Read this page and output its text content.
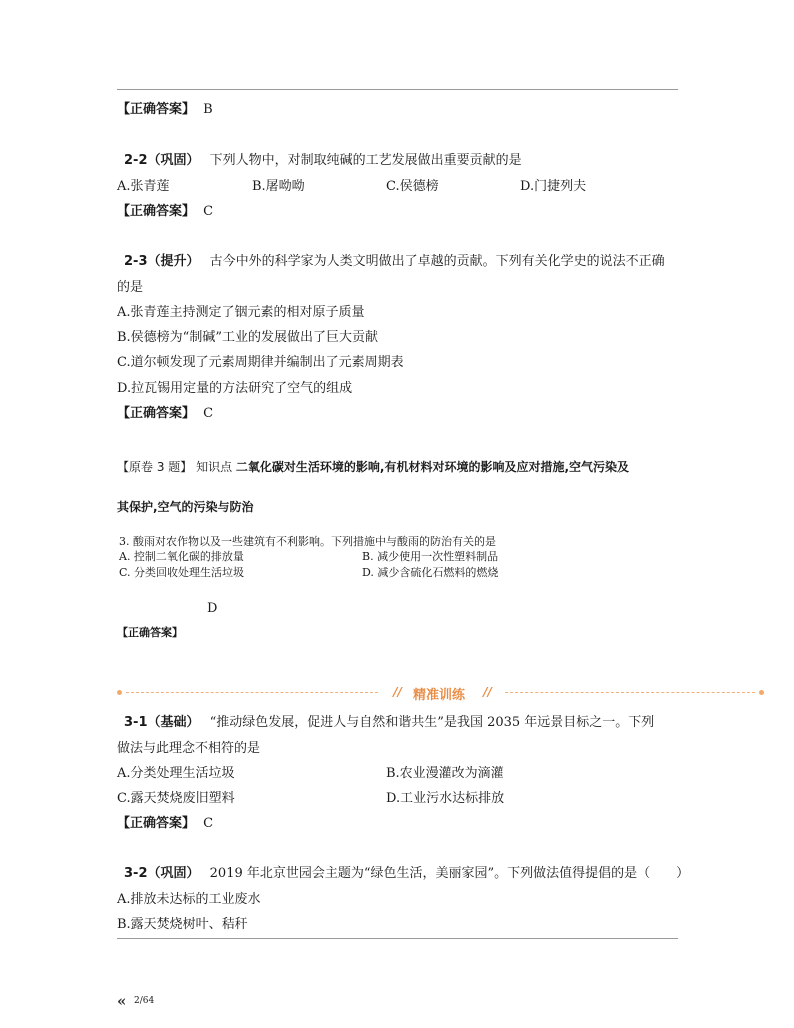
【正确答案】 B
2-2（巩固） 下列人物中，对制取纯碱的工艺发展做出重要贡献的是
A.张青莲	B.屠呦呦	C.侯德榜	D.门捷列夫
【正确答案】 C
2-3（提升） 古今中外的科学家为人类文明做出了卓越的贡献。下列有关化学史的说法不正确
的是
A.张青莲主持测定了铟元素的相对原子质量
B.侯德榜为“制碱”工业的发展做出了巨大贡献
C.道尔顿发现了元素周期律并编制出了元素周期表
D.拉瓦锡用定量的方法研究了空气的组成
【正确答案】 C
【原卷 3 题】 知识点 二氧化碳对生活环境的影响,有机材料对环境的影响及应对措施,空气污染及
其保护,空气的污染与防治
3. 酸雨对农作物以及一些建筑有不利影响。下列措施中与酸雨的防治有关的是
A. 控制二氧化碳的排放量	B. 减少使用一次性塑料制品
C. 分类回收处理生活垃圾	D. 减少含硫化石燃料的燃烧
D
【正确答案】
// 精准训练 //
3-1（基础） “推动绿色发展，促进人与自然和谐共生”是我国 2035 年远景目标之一。下列
做法与此理念不相符的是
A.分类处理生活垃圾	B.农业漫灌改为滴灌
C.露天焚烧废旧塑料	D.工业污水达标排放
【正确答案】 C
3-2（巩固） 2019 年北京世园会主题为“绿色生活，美丽家园”。下列做法值得提倡的是（　　）
A.排放未达标的工业废水
B.露天焚烧树叶、秸秆
« 2/64
